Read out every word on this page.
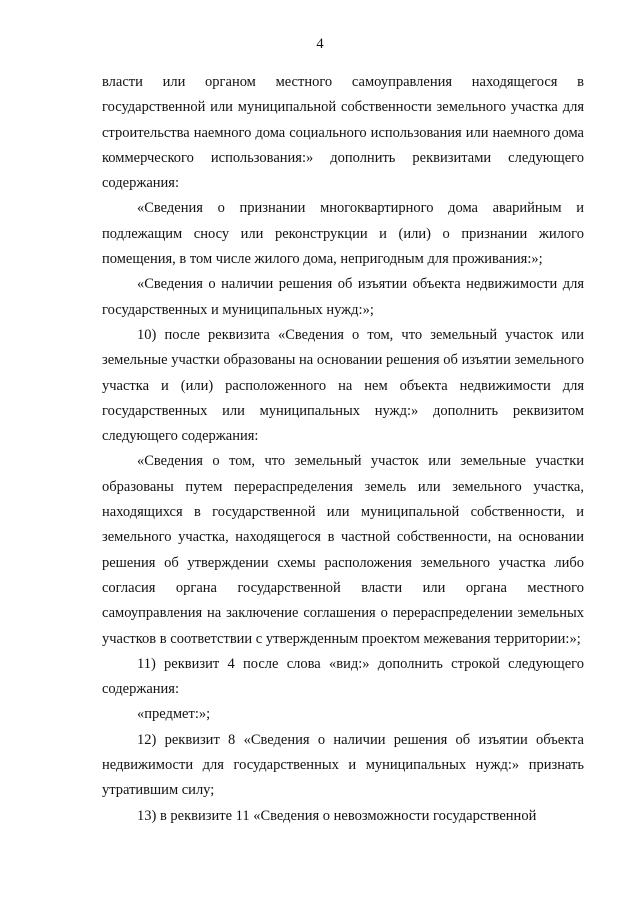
4

власти или органом местного самоуправления находящегося в государственной или муниципальной собственности земельного участка для строительства наемного дома социального использования или наемного дома коммерческого использования:» дополнить реквизитами следующего содержания:

«Сведения о признании многоквартирного дома аварийным и подлежащим сносу или реконструкции и (или) о признании жилого помещения, в том числе жилого дома, непригодным для проживания:»;

«Сведения о наличии решения об изъятии объекта недвижимости для государственных и муниципальных нужд:»;

10) после реквизита «Сведения о том, что земельный участок или земельные участки образованы на основании решения об изъятии земельного участка и (или) расположенного на нем объекта недвижимости для государственных или муниципальных нужд:» дополнить реквизитом следующего содержания:

«Сведения о том, что земельный участок или земельные участки образованы путем перераспределения земель или земельного участка, находящихся в государственной или муниципальной собственности, и земельного участка, находящегося в частной собственности, на основании решения об утверждении схемы расположения земельного участка либо согласия органа государственной власти или органа местного самоуправления на заключение соглашения о перераспределении земельных участков в соответствии с утвержденным проектом межевания территории:»;

11) реквизит 4 после слова «вид:» дополнить строкой следующего содержания:

«предмет:»;

12) реквизит 8 «Сведения о наличии решения об изъятии объекта недвижимости для государственных и муниципальных нужд:» признать утратившим силу;

13) в реквизите 11 «Сведения о невозможности государственной
